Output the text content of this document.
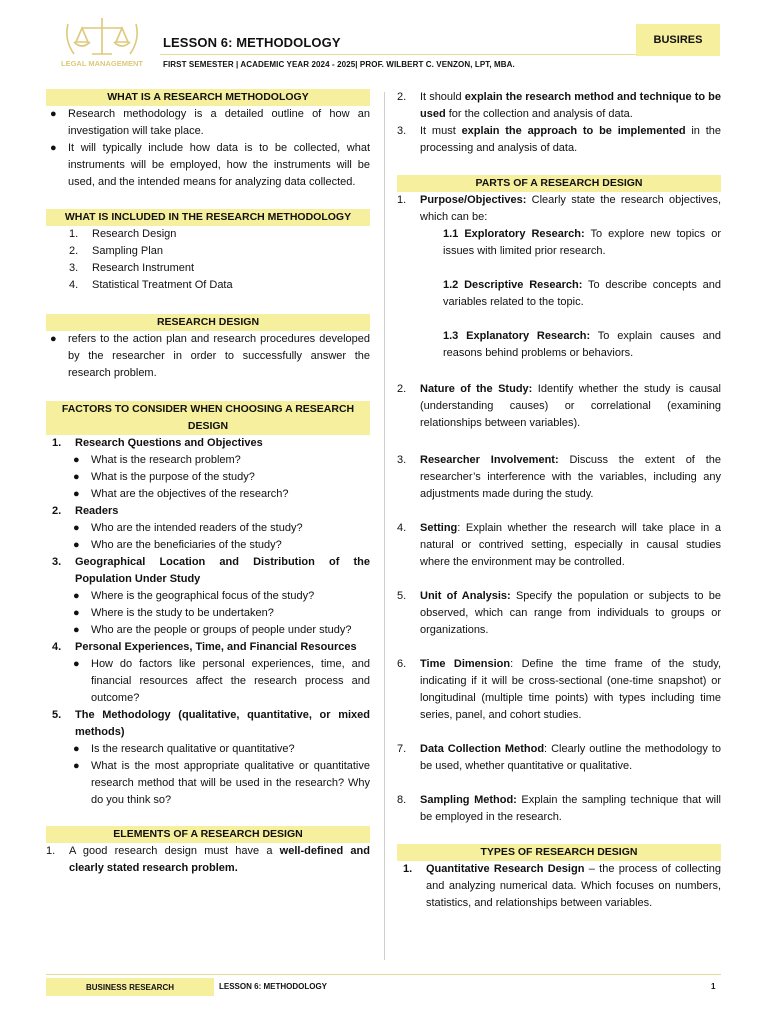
LEGAL MANAGEMENT
LESSON 6: METHODOLOGY
FIRST SEMESTER | ACADEMIC YEAR 2024 - 2025| PROF. WILBERT C. VENZON, LPT, MBA.
BUSIRES
WHAT IS A RESEARCH METHODOLOGY
●	Research methodology is a detailed outline of how an investigation will take place.
●	It will typically include how data is to be collected, what instruments will be employed, how the instruments will be used, and the intended means for analyzing data collected.
WHAT IS INCLUDED IN THE RESEARCH METHODOLOGY
1.	Research Design
2.	Sampling Plan
3.	Research Instrument
4.	Statistical Treatment Of Data
RESEARCH DESIGN
●	refers to the action plan and research procedures developed by the researcher in order to successfully answer the research problem.
FACTORS TO CONSIDER WHEN CHOOSING A RESEARCH DESIGN
1.	Research Questions and Objectives
●	What is the research problem?
●	What is the purpose of the study?
●	What are the objectives of the research?
2.	Readers
●	Who are the intended readers of the study?
●	Who are the beneficiaries of the study?
3.	Geographical Location and Distribution of the Population Under Study
●	Where is the geographical focus of the study?
●	Where is the study to be undertaken?
●	Who are the people or groups of people under study?
4.	Personal Experiences, Time, and Financial Resources
●	How do factors like personal experiences, time, and financial resources affect the research process and outcome?
5.	The Methodology (qualitative, quantitative, or mixed methods)
●	Is the research qualitative or quantitative?
●	What is the most appropriate qualitative or quantitative research method that will be used in the research? Why do you think so?
ELEMENTS OF A RESEARCH DESIGN
1.	A good research design must have a well-defined and clearly stated research problem.
2.	It should explain the research method and technique to be used for the collection and analysis of data.
3.	It must explain the approach to be implemented in the processing and analysis of data.
PARTS OF A RESEARCH DESIGN
1.	Purpose/Objectives: Clearly state the research objectives, which can be:

1.1 Exploratory Research: To explore new topics or issues with limited prior research.

1.2 Descriptive Research: To describe concepts and variables related to the topic.

1.3 Explanatory Research: To explain causes and reasons behind problems or behaviors.

2.	Nature of the Study: Identify whether the study is causal (understanding causes) or correlational (examining relationships between variables).
3.	Researcher Involvement: Discuss the extent of the researcher’s interference with the variables, including any adjustments made during the study.
4.	Setting: Explain whether the research will take place in a natural or contrived setting, especially in causal studies where the environment may be controlled.
5.	Unit of Analysis: Specify the population or subjects to be observed, which can range from individuals to groups or organizations.
6.	Time Dimension: Define the time frame of the study, indicating if it will be cross-sectional (one-time snapshot) or longitudinal (multiple time points) with types including time series, panel, and cohort studies.
7.	Data Collection Method: Clearly outline the methodology to be used, whether quantitative or qualitative.
8.	Sampling Method: Explain the sampling technique that will be employed in the research.
TYPES OF RESEARCH DESIGN
1.	Quantitative Research Design – the process of collecting and analyzing numerical data. Which focuses on numbers, statistics, and relationships between variables.
BUSINESS RESEARCH	LESSON 6: METHODOLOGY	1
